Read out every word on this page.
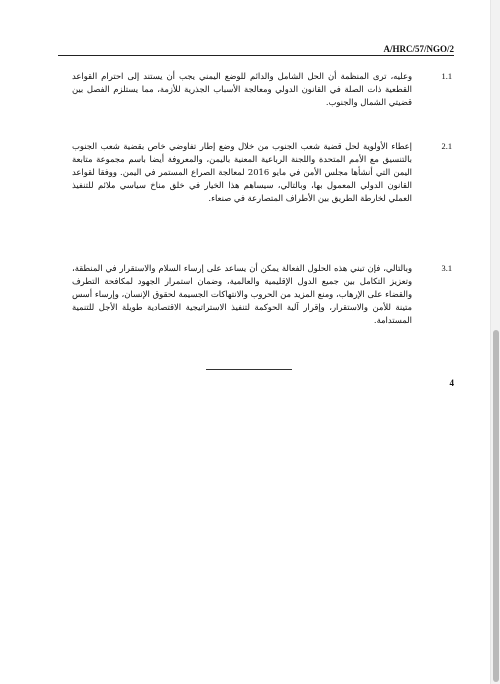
A/HRC/57/NGO/2
1.1
وعليه، ترى المنظمة أن الحل الشامل والدائم للوضع اليمني يجب أن يستند إلى احترام القواعد القطعية ذات الصلة في القانون الدولي ومعالجة الأسباب الجذرية للأزمة، مما يستلزم الفصل بين قضيتي الشمال والجنوب.
2.1
إعطاء الأولوية لحل قضية شعب الجنوب من خلال وضع إطار تفاوضي خاص بقضية شعب الجنوب بالتنسيق مع الأمم المتحدة واللجنة الرباعية المعنية باليمن، والمعروفة أيضا باسم مجموعة متابعة اليمن التي أنشأها مجلس الأمن في مايو 2016 لمعالجة الصراع المستمر في اليمن. ووفقا لقواعد القانون الدولي المعمول بها، وبالتالي، سيساهم هذا الخيار في خلق مناخ سياسي ملائم للتنفيذ العملي لخارطة الطريق بين الأطراف المتصارعة في صنعاء.
3.1
وبالتالي، فإن تبني هذه الحلول الفعالة يمكن أن يساعد على إرساء السلام والاستقرار في المنطقة، وتعزيز التكامل بين جميع الدول الإقليمية والعالمية، وضمان استمرار الجهود لمكافحة التطرف والقضاء على الإرهاب، ومنع المزيد من الحروب والانتهاكات الجسيمة لحقوق الإنسان، وإرساء أسس متينة للأمن والاستقرار، وإقرار آلية الحوكمة لتنفيذ الاستراتيجية الاقتصادية طويلة الأجل للتنمية المستدامة.
4
